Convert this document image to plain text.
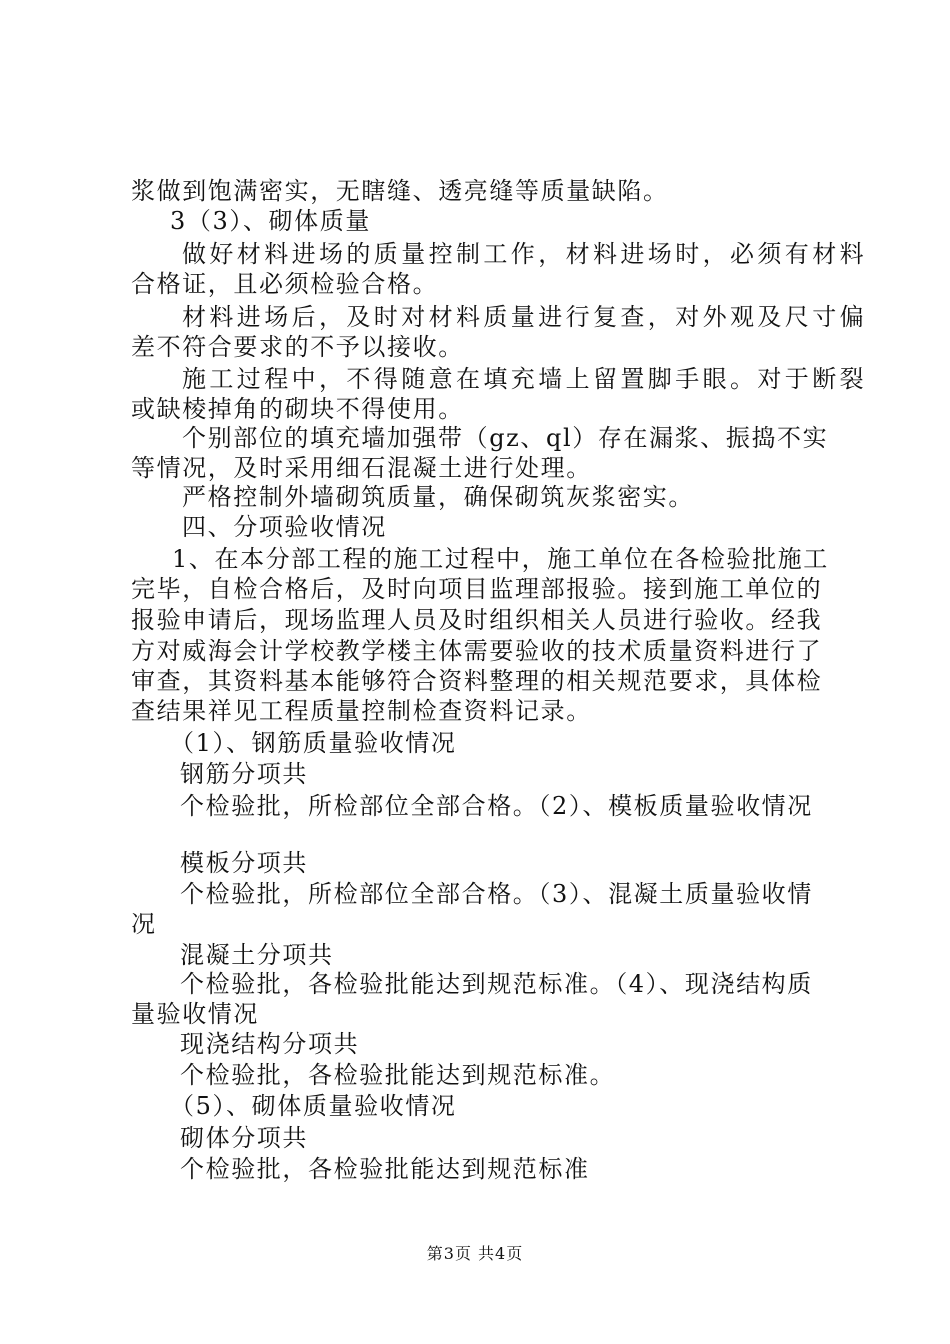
浆做到饱满密实，无瞎缝、透亮缝等质量缺陷。
3（3）、砌体质量
做好材料进场的质量控制工作，材料进场时，必须有材料
合格证，且必须检验合格。
材料进场后，及时对材料质量进行复查，对外观及尺寸偏
差不符合要求的不予以接收。
施工过程中，不得随意在填充墙上留置脚手眼。对于断裂
或缺棱掉角的砌块不得使用。
个别部位的填充墙加强带（gz、ql）存在漏浆、振捣不实
等情况，及时采用细石混凝土进行处理。
严格控制外墙砌筑质量，确保砌筑灰浆密实。
四、分项验收情况
1、在本分部工程的施工过程中，施工单位在各检验批施工
完毕，自检合格后，及时向项目监理部报验。接到施工单位的
报验申请后，现场监理人员及时组织相关人员进行验收。经我
方对威海会计学校教学楼主体需要验收的技术质量资料进行了
审查，其资料基本能够符合资料整理的相关规范要求，具体检
查结果祥见工程质量控制检查资料记录。
（1）、钢筋质量验收情况
钢筋分项共
个检验批，所检部位全部合格。（2）、模板质量验收情况
模板分项共
个检验批，所检部位全部合格。（3）、混凝土质量验收情
况
混凝土分项共
个检验批，各检验批能达到规范标准。（4）、现浇结构质
量验收情况
现浇结构分项共
个检验批，各检验批能达到规范标准。
（5）、砌体质量验收情况
砌体分项共
个检验批，各检验批能达到规范标准
第3页 共4页
